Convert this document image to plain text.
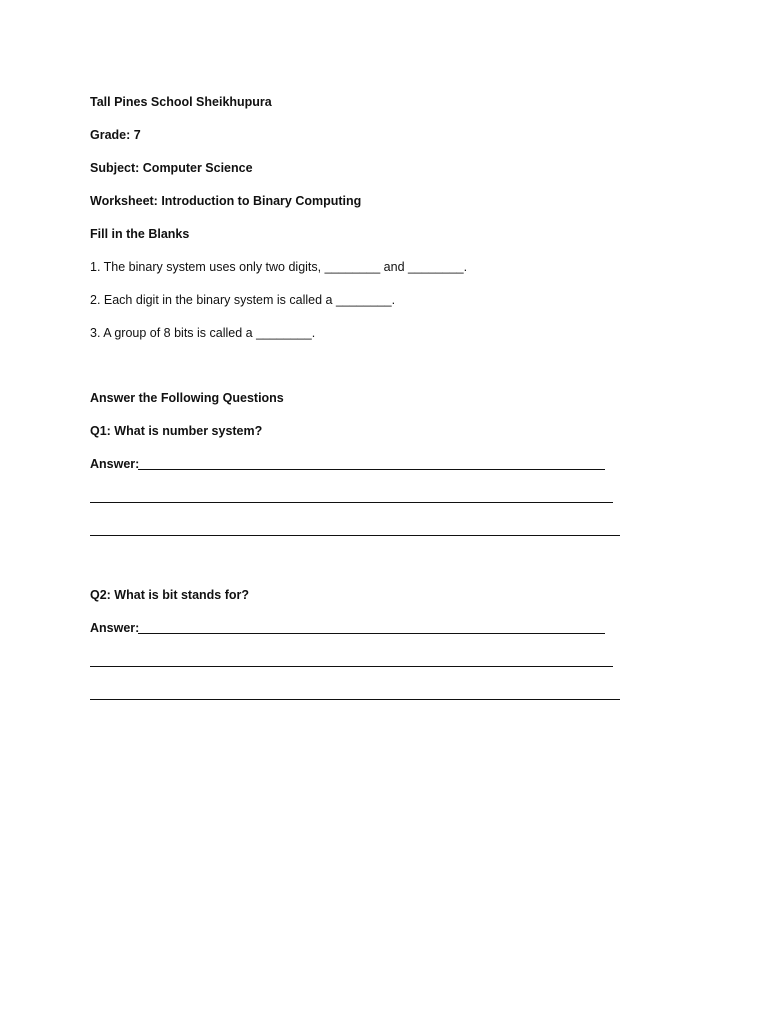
Tall Pines School Sheikhupura

Grade: 7

Subject: Computer Science

Worksheet: Introduction to Binary Computing

Fill in the Blanks

1. The binary system uses only two digits, ________ and ________.

2. Each digit in the binary system is called a ________.

3. A group of 8 bits is called a ________.

Answer the Following Questions

Q1: What is number system?

Answer:

Q2: What is bit stands for?

Answer:
